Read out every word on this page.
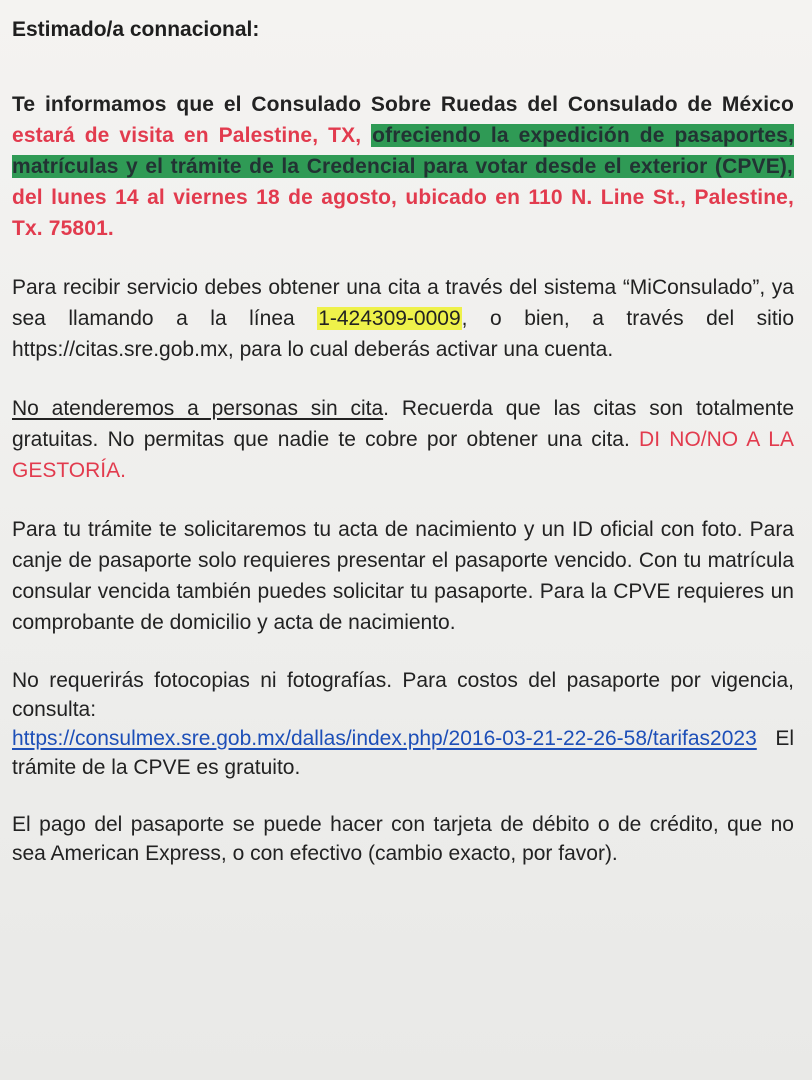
Estimado/a connacional:

Te informamos que el Consulado Sobre Ruedas del Consulado de México estará de visita en Palestine, TX, ofreciendo la expedición de pasaportes, matrículas y el trámite de la Credencial para votar desde el exterior (CPVE), del lunes 14 al viernes 18 de agosto, ubicado en 110 N. Line St., Palestine, Tx. 75801.

Para recibir servicio debes obtener una cita a través del sistema “MiConsulado”, ya sea llamando a la línea 1-424309-0009, o bien, a través del sitio https://citas.sre.gob.mx, para lo cual deberás activar una cuenta.

No atenderemos a personas sin cita. Recuerda que las citas son totalmente gratuitas. No permitas que nadie te cobre por obtener una cita. DI NO/NO A LA GESTORÍA.

Para tu trámite te solicitaremos tu acta de nacimiento y un ID oficial con foto. Para canje de pasaporte solo requieres presentar el pasaporte vencido. Con tu matrícula consular vencida también puedes solicitar tu pasaporte. Para la CPVE requieres un comprobante de domicilio y acta de nacimiento.

No requerirás fotocopias ni fotografías. Para costos del pasaporte por vigencia, consulta:
https://consulmex.sre.gob.mx/dallas/index.php/2016-03-21-22-26-58/tarifas2023 El trámite de la CPVE es gratuito.

El pago del pasaporte se puede hacer con tarjeta de débito o de crédito, que no sea American Express, o con efectivo (cambio exacto, por favor).
